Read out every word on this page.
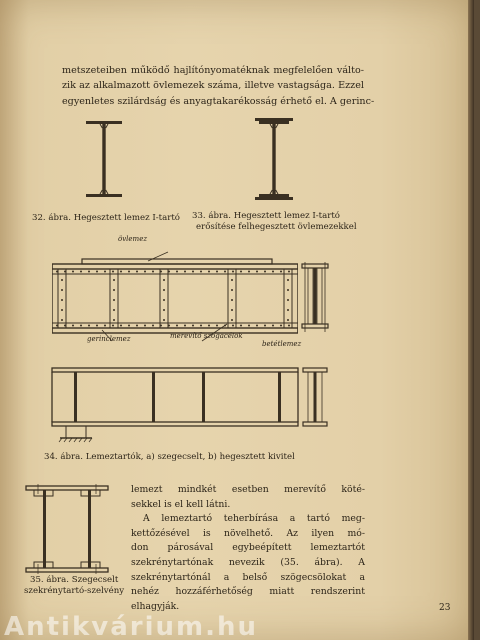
metszeteiben működő hajlítónyomatéknak megfelelően válto-
zik az alkalmazott övlemezek száma, illetve vastagsága. Ezzel
egyenletes szilárdság és anyagtakarékosság érhető el. A gerinc-

32. ábra. Hegesztett lemez I-tartó 33. ábra. Hegesztett lemez I-tartó

erősítése felhegesztett övlemezekkel

övlemez
gerinclemez	merevítő szögacélok
betétlemez

34. ábra. Lemeztartók, a) szegecselt, b) hegesztett kivitel

35. ábra. Szegecselt

szekrénytartó-szelvény

lemezt mindkét esetben merevítő köté-
sekkel is el kell látni.
A lemeztartó teherbírása a tartó meg-
kettőzésével is növelhető. Az ilyen mó-
don párosával egybeépített lemeztartót
szekrénytartónak nevezik (35. ábra). A
szekrénytartónál a belső szögecsölokat a
nehéz hozzáférhetőség miatt rendszerint
elhagyják.	23
Antikvárium.hu
